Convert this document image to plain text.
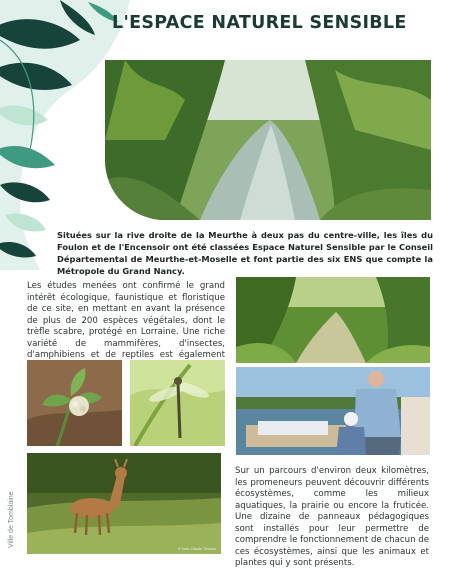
L'ESPACE NATUREL SENSIBLE
Situées sur la rive droite de la Meurthe à deux pas du centre-ville, les îles du Foulon et de l'Encensoir ont été classées Espace Naturel Sensible par le Conseil Départemental de Meurthe-et-Moselle et font partie des six ENS que compte la Métropole du Grand Nancy.
Les études menées ont confirmé le grand intérêt écologique, faunistique et floristique de ce site, en mettant en avant la présence de plus de 200 espèces végétales, dont le trèfle scabre, protégé en Lorraine. Une riche variété de mammifères, d'insectes, d'amphibiens et de reptiles est également
© Jean-Claude Thomas
Sur un parcours d'environ deux kilomètres, les promeneurs peuvent découvrir différents écosystèmes, comme les milieux aquatiques, la prairie ou encore la fruticée. Une dizaine de panneaux pédagogiques sont installés pour leur permettre de comprendre le fonctionnement de chacun de ces écosystèmes, ainsi que les animaux et plantes qui y sont présents.
Ville de Tomblaine
